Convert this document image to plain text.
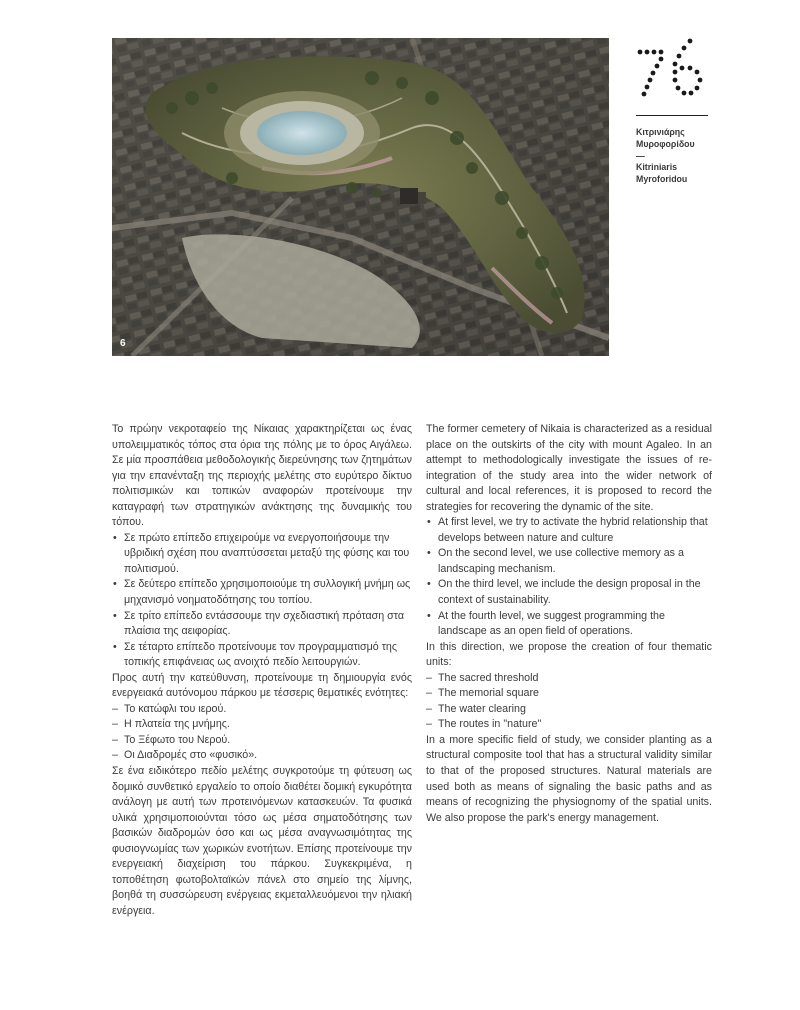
6
Κιτρινιάρης
Μυροφορίδου
—
Kitriniaris
Myroforidou

Το πρώην νεκροταφείο της Νίκαιας χαρακτηρίζεται ως ένας υπολειμματικός τόπος στα όρια της πόλης με το όρος Αιγάλεω. Σε μία προσπάθεια μεθοδολογικής διερεύνησης των ζητημάτων για την επανένταξη της περιοχής μελέτης στο ευρύτερο δίκτυο πολιτισμικών και τοπικών αναφορών προτείνουμε την καταγραφή των στρατηγικών ανάκτησης της δυναμικής του τόπου.

• Σε πρώτο επίπεδο επιχειρούμε να ενεργοποιήσουμε την υβριδική σχέση που αναπτύσσεται μεταξύ της φύσης και του πολιτισμού.
• Σε δεύτερο επίπεδο χρησιμοποιούμε τη συλλογική μνήμη ως μηχανισμό νοηματοδότησης του τοπίου.
• Σε τρίτο επίπεδο εντάσσουμε την σχεδιαστική πρόταση στα πλαίσια της αειφορίας.
• Σε τέταρτο επίπεδο προτείνουμε τον προγραμματισμό της τοπικής επιφάνειας ως ανοιχτό πεδίο λειτουργιών.

Προς αυτή την κατεύθυνση, προτείνουμε τη δημιουργία ενός ενεργειακά αυτόνομου πάρκου με τέσσερις θεματικές ενότητες:

– Το κατώφλι του ιερού.
– Η πλατεία της μνήμης.
– Το Ξέφωτο του Νερού.
– Οι Διαδρομές στο «φυσικό».

Σε ένα ειδικότερο πεδίο μελέτης συγκροτούμε τη φύτευση ως δομικό συνθετικό εργαλείο το οποίο διαθέτει δομική εγκυρότητα ανάλογη με αυτή των προτεινόμενων κατασκευών. Τα φυσικά υλικά χρησιμοποιούνται τόσο ως μέσα σηματοδότησης των βασικών διαδρομών όσο και ως μέσα αναγνωσιμότητας της φυσιογνωμίας των χωρικών ενοτήτων. Επίσης προτείνουμε την ενεργειακή διαχείριση του πάρκου. Συγκεκριμένα, η τοποθέτηση φωτοβολταϊκών πάνελ στο σημείο της λίμνης, βοηθά τη συσσώρευση ενέργειας εκμεταλλευόμενοι την ηλιακή ενέργεια.

The former cemetery of Nikaia is characterized as a residual place on the outskirts of the city with mount Agaleo. In an attempt to methodologically investigate the issues of re-integration of the study area into the wider network of cultural and local references, it is proposed to record the strategies for recovering the dynamic of the site.

• At first level, we try to activate the hybrid relationship that develops between nature and culture
• On the second level, we use collective memory as a landscaping mechanism.
• On the third level, we include the design proposal in the context of sustainability.
• At the fourth level, we suggest programming the landscape as an open field of operations.

In this direction, we propose the creation of four thematic units:

– The sacred threshold
– The memorial square
– The water clearing
– The routes in "nature"

In a more specific field of study, we consider planting as a structural composite tool that has a structural validity similar to that of the proposed structures. Natural materials are used both as means of signaling the basic paths and as means of recognizing the physiognomy of the spatial units. We also propose the park's energy management.
